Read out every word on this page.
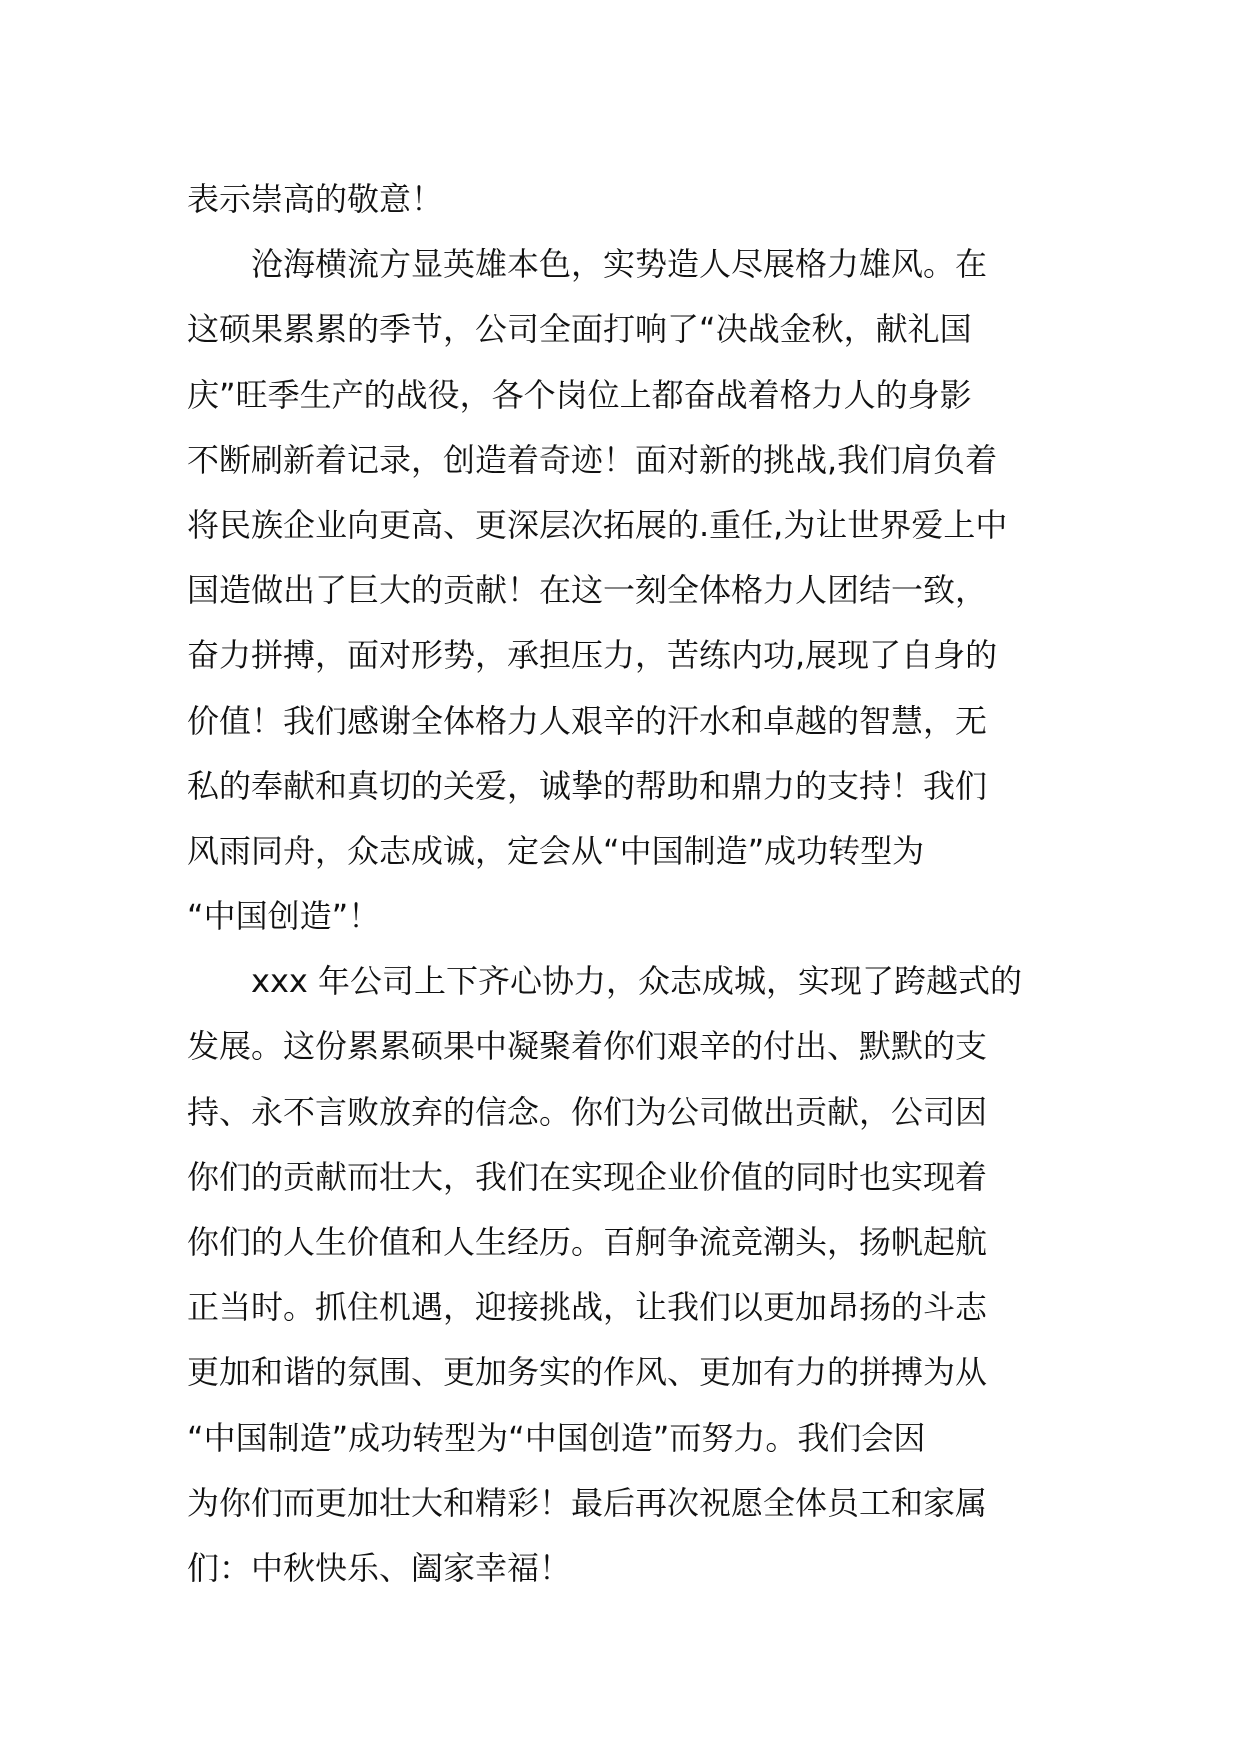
表示崇高的敬意！
　　沧海横流方显英雄本色，实势造人尽展格力雄风。在
这硕果累累的季节，公司全面打响了“决战金秋，献礼国
庆”旺季生产的战役，各个岗位上都奋战着格力人的身影
不断刷新着记录，创造着奇迹！面对新的挑战,我们肩负着
将民族企业向更高、更深层次拓展的.重任,为让世界爱上中
国造做出了巨大的贡献！在这一刻全体格力人团结一致，
奋力拼搏，面对形势，承担压力，苦练内功,展现了自身的
价值！我们感谢全体格力人艰辛的汗水和卓越的智慧，无
私的奉献和真切的关爱，诚挚的帮助和鼎力的支持！我们
风雨同舟，众志成诚，定会从“中国制造”成功转型为
“中国创造”！
　　xxx 年公司上下齐心协力，众志成城，实现了跨越式的
发展。这份累累硕果中凝聚着你们艰辛的付出、默默的支
持、永不言败放弃的信念。你们为公司做出贡献，公司因
你们的贡献而壮大，我们在实现企业价值的同时也实现着
你们的人生价值和人生经历。百舸争流竞潮头，扬帆起航
正当时。抓住机遇，迎接挑战，让我们以更加昂扬的斗志
更加和谐的氛围、更加务实的作风、更加有力的拼搏为从
“中国制造”成功转型为“中国创造”而努力。我们会因
为你们而更加壮大和精彩！最后再次祝愿全体员工和家属
们：中秋快乐、阖家幸福！
